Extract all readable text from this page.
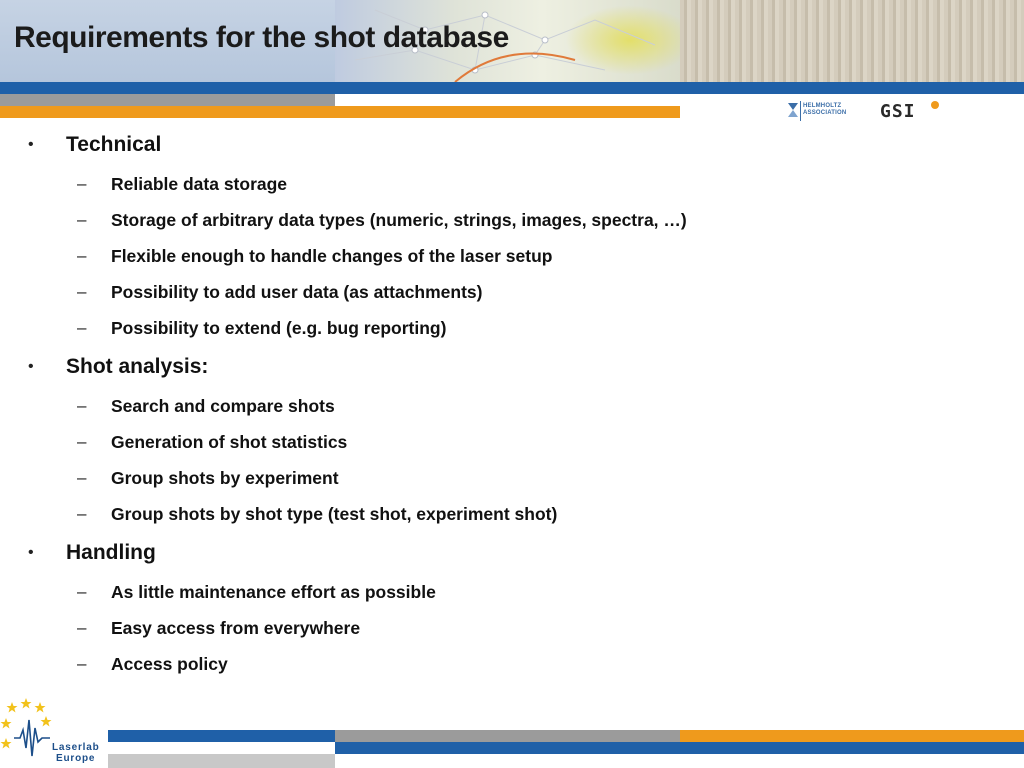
Requirements for the shot database
HELMHOLTZ
ASSOCIATION GSI
• Technical
– Reliable data storage
– Storage of arbitrary data types (numeric, strings, images, spectra, …)
– Flexible enough to handle changes of the laser setup
– Possibility to add user data (as attachments)
– Possibility to extend (e.g. bug reporting)
• Shot analysis:
– Search and compare shots
– Generation of shot statistics
– Group shots by experiment
– Group shots by shot type (test shot, experiment shot)
• Handling
– As little maintenance effort as possible
– Easy access from everywhere
– Access policy
Laserlab
Europe
